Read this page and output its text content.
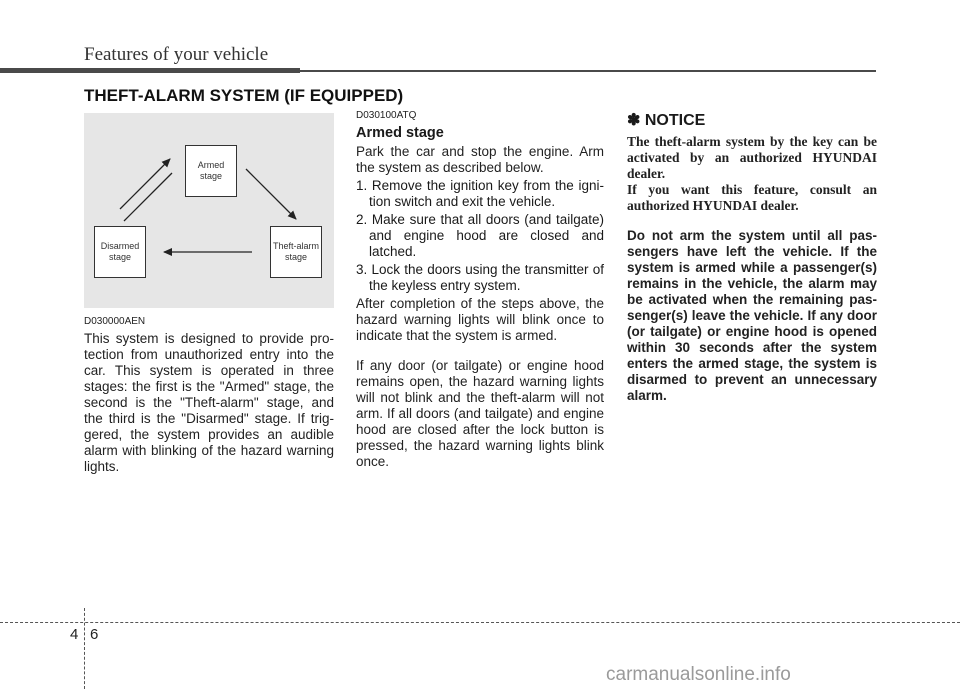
Features of your vehicle
THEFT-ALARM SYSTEM (IF EQUIPPED)
Armed stage
Disarmed stage
Theft-alarm stage
D030000AEN
This system is designed to provide pro-tection from unauthorized entry into the car. This system is operated in three stages: the first is the "Armed" stage, the second is the "Theft-alarm" stage, and the third is the "Disarmed" stage. If trig-gered, the system provides an audible alarm with blinking of the hazard warning lights.
D030100ATQ
Armed stage
Park the car and stop the engine. Arm the system as described below.
1. Remove the ignition key from the igni-tion switch and exit the vehicle.
2. Make sure that all doors (and tailgate) and engine hood are closed and latched.
3. Lock the doors using the transmitter of the keyless entry system.
After completion of the steps above, the hazard warning lights will blink once to indicate that the system is armed.
If any door (or tailgate) or engine hood remains open, the hazard warning lights will not blink and the theft-alarm will not arm. If all doors (and tailgate) and engine hood are closed after the lock button is pressed, the hazard warning lights blink once.
✽ NOTICE
The theft-alarm system by the key can be activated by an authorized HYUNDAI dealer.
If you want this feature, consult an authorized HYUNDAI dealer.
Do not arm the system until all pas-sengers have left the vehicle. If the system is armed while a passenger(s) remains in the vehicle, the alarm may be activated when the remaining pas-senger(s) leave the vehicle. If any door (or tailgate) or engine hood is opened within 30 seconds after the system enters the armed stage, the system is disarmed to prevent an unnecessary alarm.
4 6
carmanualsonline.info
